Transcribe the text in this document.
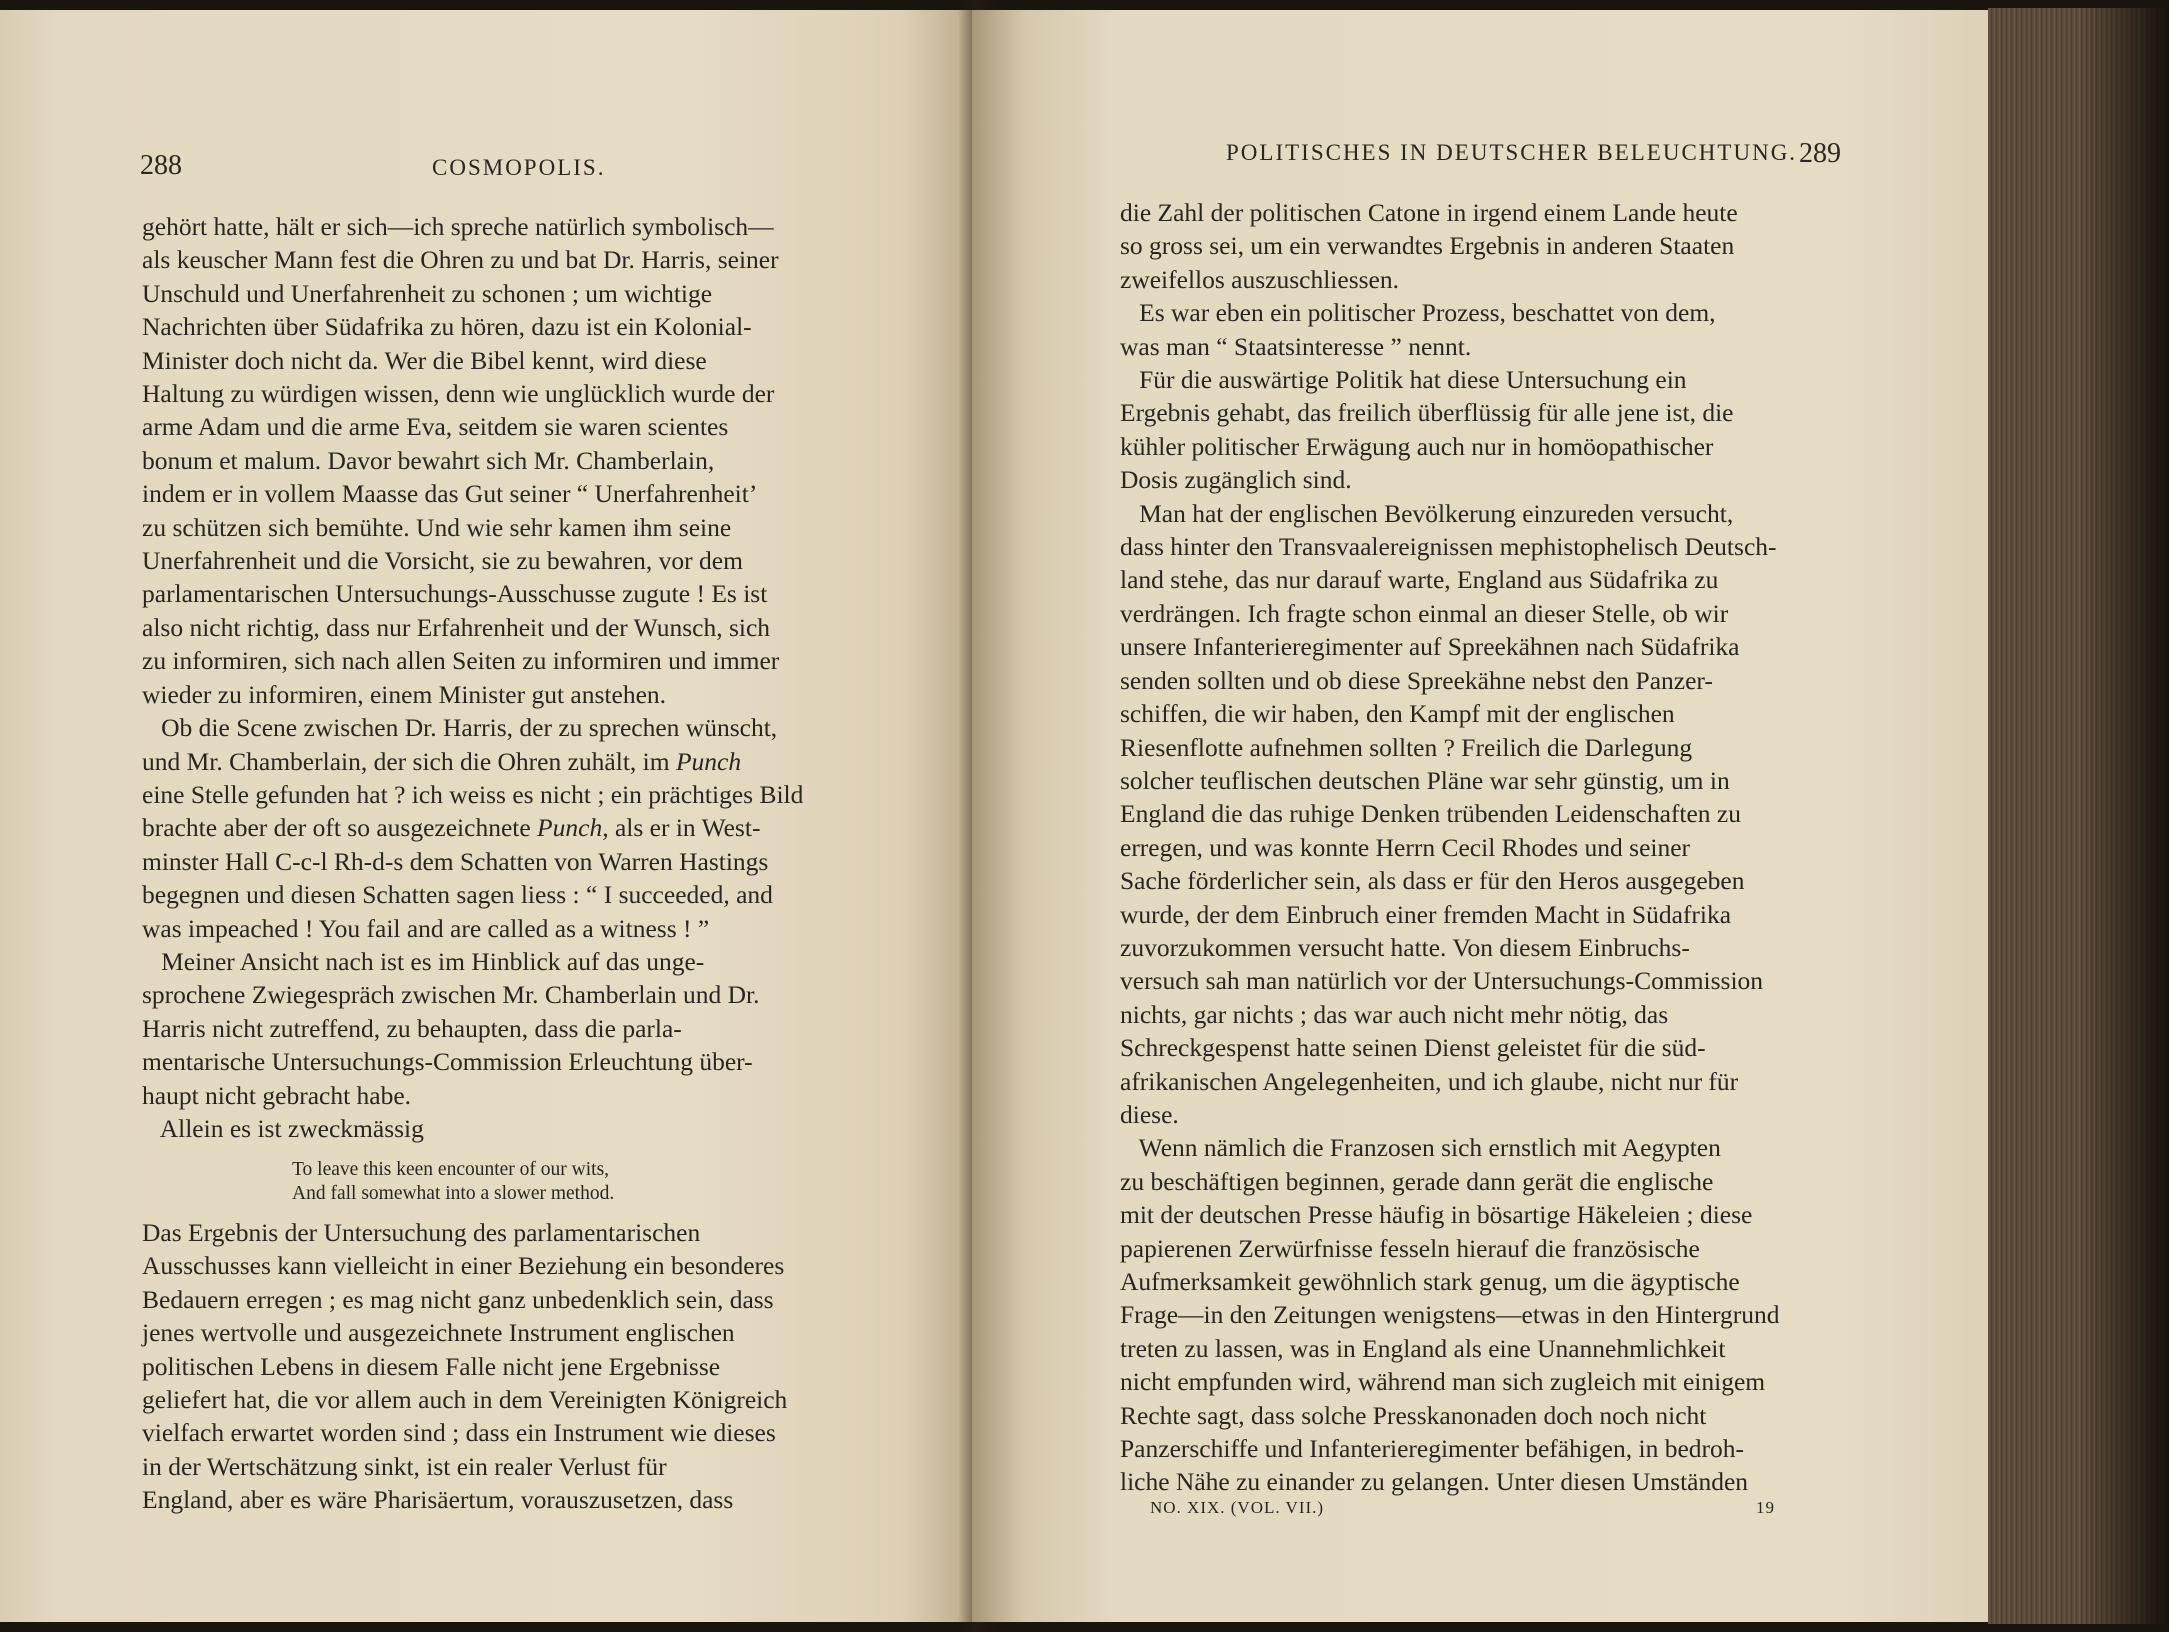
288	COSMOPOLIS.
gehört hatte, hält er sich—ich spreche natürlich symbolisch—
als keuscher Mann fest die Ohren zu und bat Dr. Harris, seiner
Unschuld und Unerfahrenheit zu schonen ; um wichtige
Nachrichten über Südafrika zu hören, dazu ist ein Kolonial-
Minister doch nicht da. Wer die Bibel kennt, wird diese
Haltung zu würdigen wissen, denn wie unglücklich wurde der
arme Adam und die arme Eva, seitdem sie waren scientes
bonum et malum. Davor bewahrt sich Mr. Chamberlain,
indem er in vollem Maasse das Gut seiner “ Unerfahrenheit’
zu schützen sich bemühte. Und wie sehr kamen ihm seine
Unerfahrenheit und die Vorsicht, sie zu bewahren, vor dem
parlamentarischen Untersuchungs-Ausschusse zugute ! Es ist
also nicht richtig, dass nur Erfahrenheit und der Wunsch, sich
zu informiren, sich nach allen Seiten zu informiren und immer
wieder zu informiren, einem Minister gut anstehen.
Ob die Scene zwischen Dr. Harris, der zu sprechen wünscht,
und Mr. Chamberlain, der sich die Ohren zuhält, im Punch
eine Stelle gefunden hat ? ich weiss es nicht ; ein prächtiges Bild
brachte aber der oft so ausgezeichnete Punch, als er in West-
minster Hall C-c-l Rh-d-s dem Schatten von Warren Hastings
begegnen und diesen Schatten sagen liess : “ I succeeded, and
was impeached ! You fail and are called as a witness ! ”
Meiner Ansicht nach ist es im Hinblick auf das unge-
sprochene Zwiegespräch zwischen Mr. Chamberlain und Dr.
Harris nicht zutreffend, zu behaupten, dass die parla-
mentarische Untersuchungs-Commission Erleuchtung über-
haupt nicht gebracht habe.
Allein es ist zweckmässig
To leave this keen encounter of our wits,
And fall somewhat into a slower method.
Das Ergebnis der Untersuchung des parlamentarischen
Ausschusses kann vielleicht in einer Beziehung ein besonderes
Bedauern erregen ; es mag nicht ganz unbedenklich sein, dass
jenes wertvolle und ausgezeichnete Instrument englischen
politischen Lebens in diesem Falle nicht jene Ergebnisse
geliefert hat, die vor allem auch in dem Vereinigten Königreich
vielfach erwartet worden sind ; dass ein Instrument wie dieses
in der Wertschätzung sinkt, ist ein realer Verlust für
England, aber es wäre Pharisäertum, vorauszusetzen, dass
POLITISCHES IN DEUTSCHER BELEUCHTUNG. 289
die Zahl der politischen Catone in irgend einem Lande heute
so gross sei, um ein verwandtes Ergebnis in anderen Staaten
zweifellos auszuschliessen.
Es war eben ein politischer Prozess, beschattet von dem,
was man “ Staatsinteresse ” nennt.
Für die auswärtige Politik hat diese Untersuchung ein
Ergebnis gehabt, das freilich überflüssig für alle jene ist, die
kühler politischer Erwägung auch nur in homöopathischer
Dosis zugänglich sind.
Man hat der englischen Bevölkerung einzureden versucht,
dass hinter den Transvaalereignissen mephistophelisch Deutsch-
land stehe, das nur darauf warte, England aus Südafrika zu
verdrängen. Ich fragte schon einmal an dieser Stelle, ob wir
unsere Infanterieregimenter auf Spreekähnen nach Südafrika
senden sollten und ob diese Spreekähne nebst den Panzer-
schiffen, die wir haben, den Kampf mit der englischen
Riesenflotte aufnehmen sollten ? Freilich die Darlegung
solcher teuflischen deutschen Pläne war sehr günstig, um in
England die das ruhige Denken trübenden Leidenschaften zu
erregen, und was konnte Herrn Cecil Rhodes und seiner
Sache förderlicher sein, als dass er für den Heros ausgegeben
wurde, der dem Einbruch einer fremden Macht in Südafrika
zuvorzukommen versucht hatte. Von diesem Einbruchs-
versuch sah man natürlich vor der Untersuchungs-Commission
nichts, gar nichts ; das war auch nicht mehr nötig, das
Schreckgespenst hatte seinen Dienst geleistet für die süd-
afrikanischen Angelegenheiten, und ich glaube, nicht nur für
diese.
Wenn nämlich die Franzosen sich ernstlich mit Aegypten
zu beschäftigen beginnen, gerade dann gerät die englische
mit der deutschen Presse häufig in bösartige Häkeleien ; diese
papierenen Zerwürfnisse fesseln hierauf die französische
Aufmerksamkeit gewöhnlich stark genug, um die ägyptische
Frage—in den Zeitungen wenigstens—etwas in den Hintergrund
treten zu lassen, was in England als eine Unannehmlichkeit
nicht empfunden wird, während man sich zugleich mit einigem
Rechte sagt, dass solche Presskanonaden doch noch nicht
Panzerschiffe und Infanterieregimenter befähigen, in bedroh-
liche Nähe zu einander zu gelangen. Unter diesen Umständen
NO. XIX. (VOL. VII.)	19
